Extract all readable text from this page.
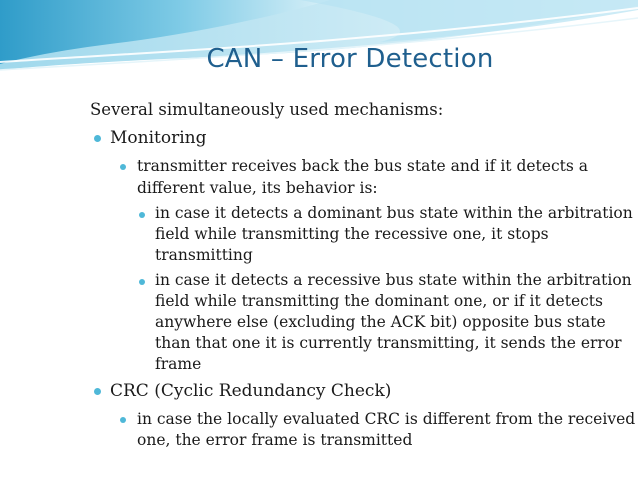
CAN – Error Detection
Several simultaneously used mechanisms:
Monitoring
transmitter receives back the bus state and if it detects a
different value, its behavior is:
in case it detects a dominant bus state within the arbitration
field while transmitting the recessive one, it stops
transmitting
in case it detects a recessive bus state within the arbitration
field while transmitting the dominant one, or if it detects
anywhere else (excluding the ACK bit) opposite bus state
than that one it is currently transmitting, it sends the error
frame
CRC (Cyclic Redundancy Check)
in case the locally evaluated CRC is different from the received
one, the error frame is transmitted
